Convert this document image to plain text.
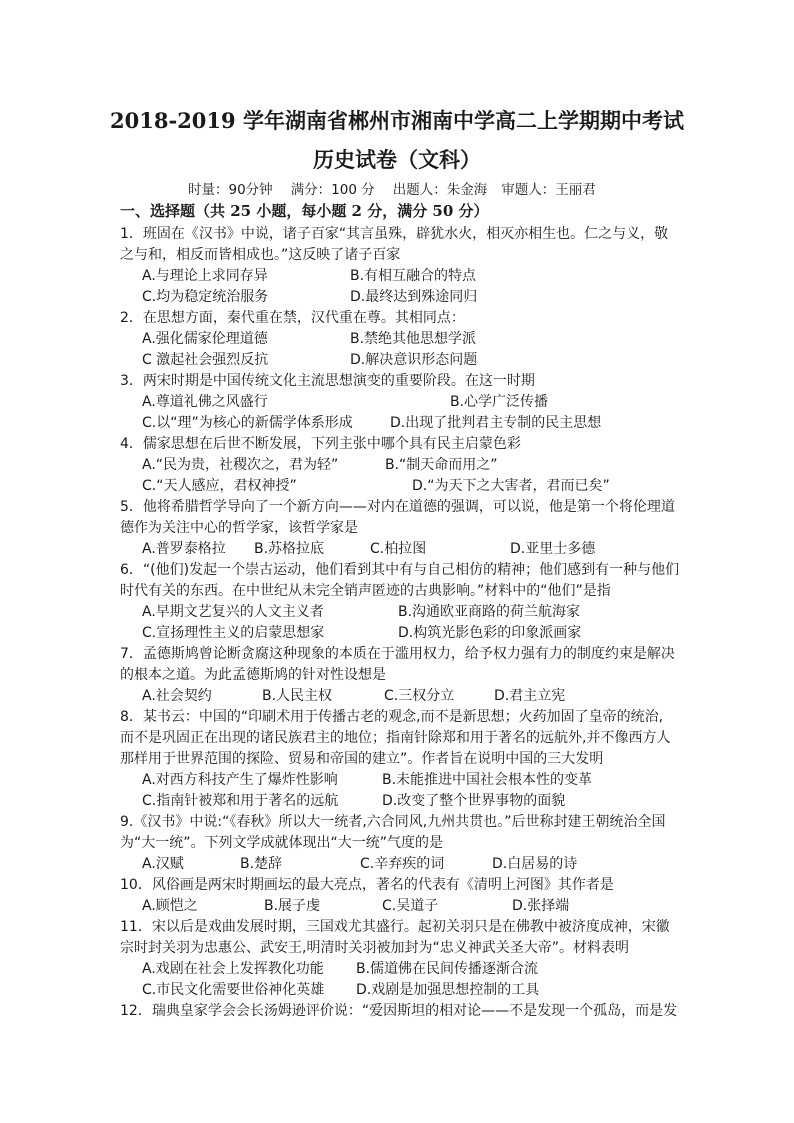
2018-2019 学年湖南省郴州市湘南中学高二上学期期中考试
历史试卷（文科）
时量：90分钟 满分：100 分 出题人：朱金海 审题人：王丽君
一、选择题（共 25 小题，每小题 2 分，满分 50 分）
1．班固在《汉书》中说，诸子百家“其言虽殊，辟犹水火，相灭亦相生也。仁之与义，敬
之与和，相反而皆相成也。”这反映了诸子百家
A.与理论上求同存异	B.有相互融合的特点
C.均为稳定统治服务	D.最终达到殊途同归
2．在思想方面，秦代重在禁，汉代重在尊。其相同点：
A.强化儒家伦理道德	B.禁绝其他思想学派
C 激起社会强烈反抗	D.解决意识形态问题
3．两宋时期是中国传统文化主流思想演变的重要阶段。在这一时期
A.尊道礼佛之风盛行	B.心学广泛传播
C.以“理”为核心的新儒学体系形成	D.出现了批判君主专制的民主思想
4．儒家思想在后世不断发展，下列主张中哪个具有民主启蒙色彩
A.“民为贵，社稷次之，君为轻”	B.“制天命而用之”
C.“天人感应，君权神授”	D.“为天下之大害者，君而已矣”
5．他将希腊哲学导向了一个新方向——对内在道德的强调，可以说，他是第一个将伦理道
德作为关注中心的哲学家，该哲学家是
A.普罗泰格拉 B.苏格拉底	C.柏拉图	D.亚里士多德
6．“(他们)发起一个崇古运动，他们看到其中有与自己相仿的精神；他们感到有一种与他们
时代有关的东西。在中世纪从未完全销声匿迹的古典影响。”材料中的“他们”是指
A.早期文艺复兴的人文主义者	B.沟通欧亚商路的荷兰航海家
C.宣扬理性主义的启蒙思想家	D.构筑光影色彩的印象派画家
7．孟德斯鸠曾论断贪腐这种现象的本质在于滥用权力，给予权力强有力的制度约束是解决
的根本之道。为此孟德斯鸠的针对性设想是
A.社会契约	B.人民主权	C.三权分立	D.君主立宪
8．某书云：中国的“印刷术用于传播古老的观念,而不是新思想；火药加固了皇帝的统治,
而不是巩固正在出现的诸民族君主的地位；指南针除郑和用于著名的远航外,并不像西方人
那样用于世界范围的探险、贸易和帝国的建立”。作者旨在说明中国的三大发明
A.对西方科技产生了爆炸性影响	B.未能推进中国社会根本性的变革
C.指南针被郑和用于著名的远航	D.改变了整个世界事物的面貌
9.《汉书》中说:“《春秋》所以大一统者,六合同风,九州共贯也。”后世称封建王朝统治全国
为“大一统”。下列文学成就体现出“大一统”气度的是
A.汉赋	B.楚辞	C.辛弃疾的词	D.白居易的诗
10．风俗画是两宋时期画坛的最大亮点，著名的代表有《清明上河图》其作者是
A.顾恺之	B.展子虔	C.吴道子	D.张择端
11．宋以后是戏曲发展时期，三国戏尤其盛行。起初关羽只是在佛教中被济度成神，宋徽
宗时封关羽为忠惠公、武安王,明清时关羽被加封为“忠义神武关圣大帝”。材料表明
A.戏剧在社会上发挥教化功能 B.儒道佛在民间传播逐渐合流
C.市民文化需要世俗神化英雄 D.戏剧是加强思想控制的工具
12．瑞典皇家学会会长汤姆逊评价说：“爱因斯坦的相对论——不是发现一个孤岛，而是发
